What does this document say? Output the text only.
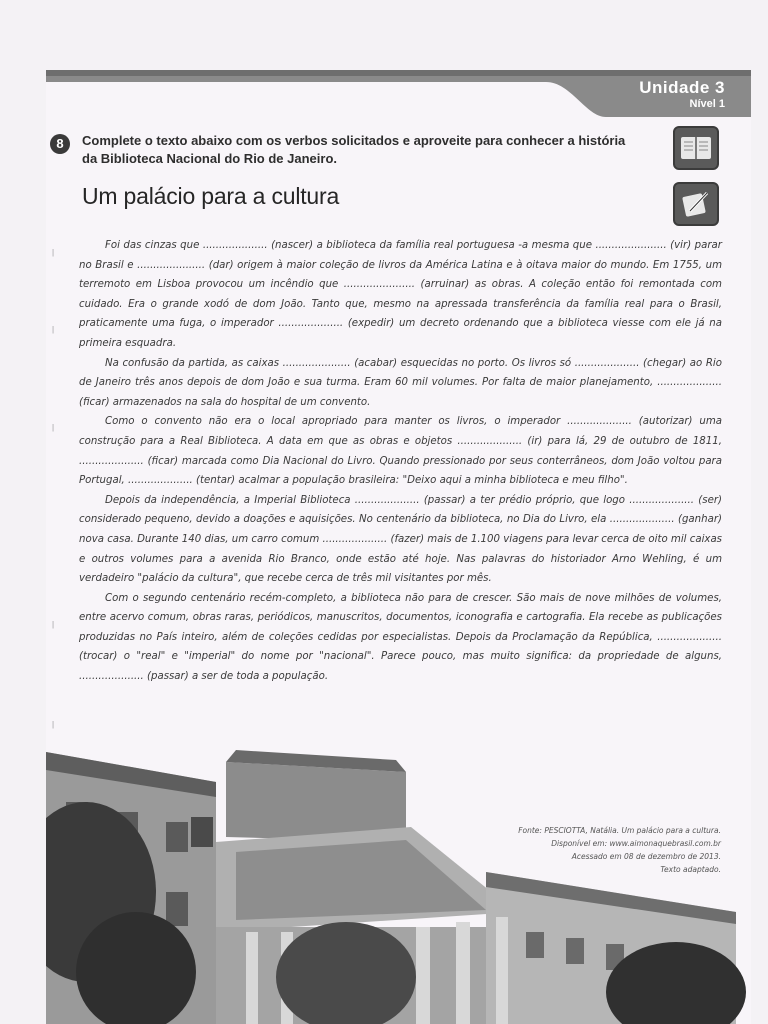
Unidade 3
Nível 1
8	Complete o texto abaixo com os verbos solicitados e aproveite para conhecer a história da Biblioteca Nacional do Rio de Janeiro.
Um palácio para a cultura
|
|
|
|
|

Foi das cinzas que .................... (nascer) a biblioteca da família real portuguesa -a mesma que ...................... (vir) parar no Brasil e ..................... (dar) origem à maior coleção de livros da América Latina e à oitava maior do mundo. Em 1755, um terremoto em Lisboa provocou um incêndio que ...................... (arruinar) as obras. A coleção então foi remontada com cuidado. Era o grande xodó de dom João. Tanto que, mesmo na apressada transferência da família real para o Brasil, praticamente uma fuga, o imperador .................... (expedir) um decreto ordenando que a biblioteca viesse com ele já na primeira esquadra.

Na confusão da partida, as caixas ..................... (acabar) esquecidas no porto. Os livros só .................... (chegar) ao Rio de Janeiro três anos depois de dom João e sua turma. Eram 60 mil volumes. Por falta de maior planejamento, .................... (ficar) armazenados na sala do hospital de um convento.

Como o convento não era o local apropriado para manter os livros, o imperador .................... (autorizar) uma construção para a Real Biblioteca. A data em que as obras e objetos .................... (ir) para lá, 29 de outubro de 1811, .................... (ficar) marcada como Dia Nacional do Livro. Quando pressionado por seus conterrâneos, dom João voltou para Portugal, .................... (tentar) acalmar a população brasileira: "Deixo aqui a minha biblioteca e meu filho".

Depois da independência, a Imperial Biblioteca .................... (passar) a ter prédio próprio, que logo .................... (ser) considerado pequeno, devido a doações e aquisições. No centenário da biblioteca, no Dia do Livro, ela .................... (ganhar) nova casa. Durante 140 dias, um carro comum .................... (fazer) mais de 1.100 viagens para levar cerca de oito mil caixas e outros volumes para a avenida Rio Branco, onde estão até hoje. Nas palavras do historiador Arno Wehling, é um verdadeiro "palácio da cultura", que recebe cerca de três mil visitantes por mês.

Com o segundo centenário recém-completo, a biblioteca não para de crescer. São mais de nove milhões de volumes, entre acervo comum, obras raras, periódicos, manuscritos, documentos, iconografia e cartografia. Ela recebe as publicações produzidas no País inteiro, além de coleções cedidas por especialistas. Depois da Proclamação da República, .................... (trocar) o "real" e "imperial" do nome por "nacional". Parece pouco, mas muito significa: da propriedade de alguns, .................... (passar) a ser de toda a população.

Fonte: PESCIOTTA, Natália. Um palácio para a cultura.
Disponível em: www.aimonaquebrasil.com.br
Acessado em 08 de dezembro de 2013.
Texto adaptado.
